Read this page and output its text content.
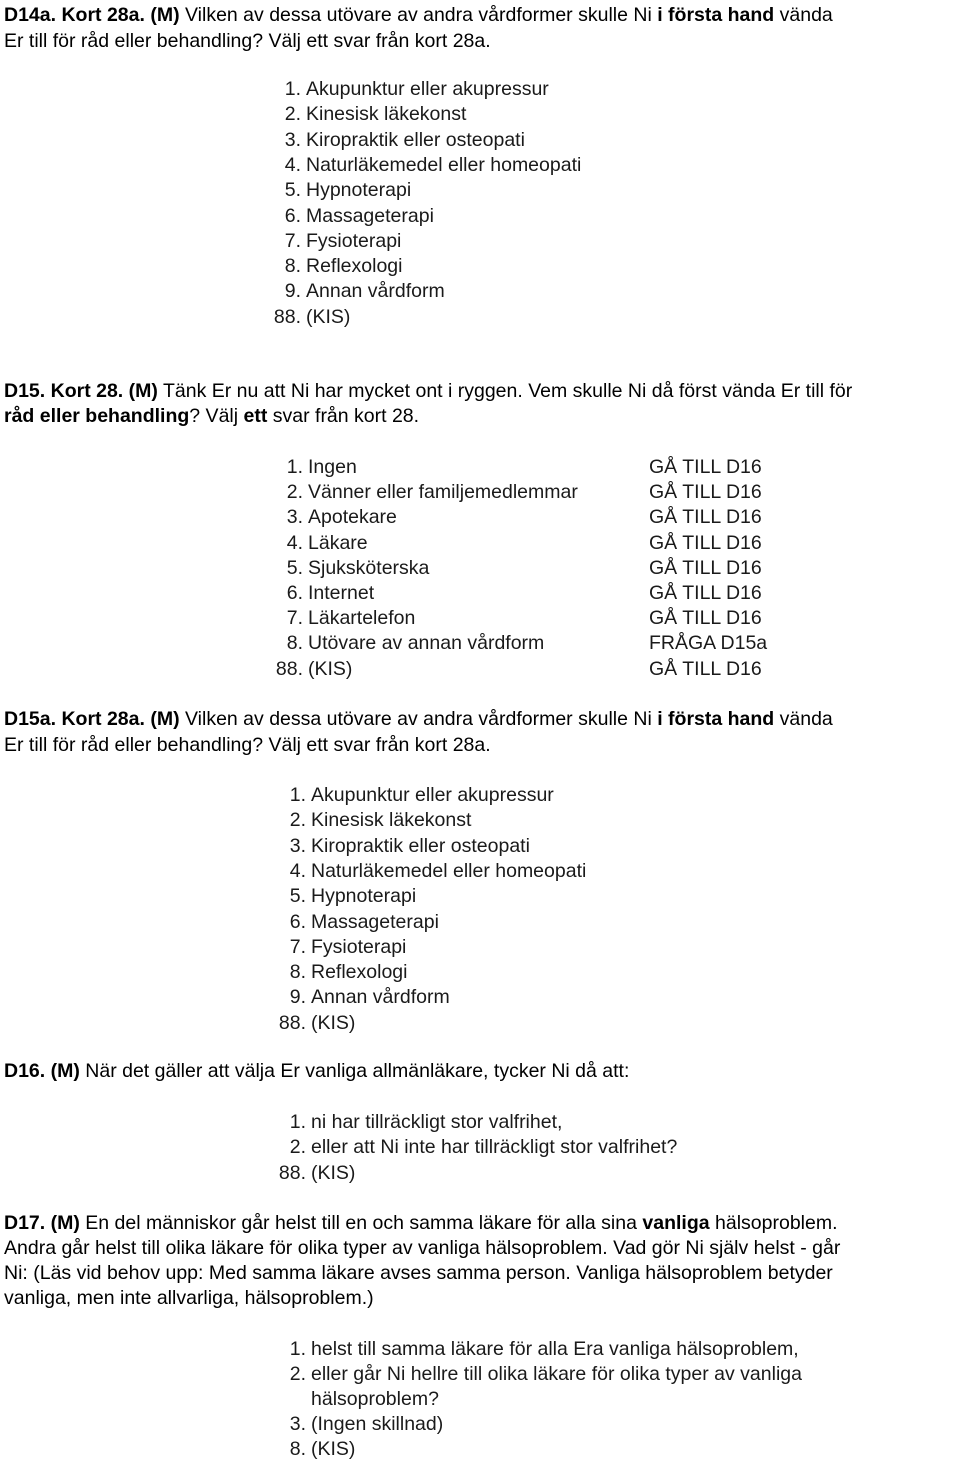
D14a. Kort 28a. (M) Vilken av dessa utövare av andra vårdformer skulle Ni i första hand vända
Er till för råd eller behandling? Välj ett svar från kort 28a.
1. Akupunktur eller akupressur
2. Kinesisk läkekonst
3. Kiropraktik eller osteopati
4. Naturläkemedel eller homeopati
5. Hypnoterapi
6. Massageterapi
7. Fysioterapi
8. Reflexologi
9. Annan vårdform
88. (KIS)
D15. Kort 28. (M) Tänk Er nu att Ni har mycket ont i ryggen. Vem skulle Ni då först vända Er till för
råd eller behandling? Välj ett svar från kort 28.
1. Ingen	GÅ TILL D16
2. Vänner eller familjemedlemmar	GÅ TILL D16
3. Apotekare	GÅ TILL D16
4. Läkare	GÅ TILL D16
5. Sjuksköterska	GÅ TILL D16
6. Internet	GÅ TILL D16
7. Läkartelefon	GÅ TILL D16
8. Utövare av annan vårdform	FRÅGA D15a
88. (KIS)	GÅ TILL D16
D15a. Kort 28a. (M) Vilken av dessa utövare av andra vårdformer skulle Ni i första hand vända
Er till för råd eller behandling? Välj ett svar från kort 28a.
1. Akupunktur eller akupressur
2. Kinesisk läkekonst
3. Kiropraktik eller osteopati
4. Naturläkemedel eller homeopati
5. Hypnoterapi
6. Massageterapi
7. Fysioterapi
8. Reflexologi
9. Annan vårdform
88. (KIS)
D16. (M) När det gäller att välja Er vanliga allmänläkare, tycker Ni då att:
1. ni har tillräckligt stor valfrihet,
2. eller att Ni inte har tillräckligt stor valfrihet?
88. (KIS)
D17. (M) En del människor går helst till en och samma läkare för alla sina vanliga hälsoproblem.
Andra går helst till olika läkare för olika typer av vanliga hälsoproblem. Vad gör Ni själv helst - går
Ni: (Läs vid behov upp: Med samma läkare avses samma person. Vanliga hälsoproblem betyder
vanliga, men inte allvarliga, hälsoproblem.)
1. helst till samma läkare för alla Era vanliga hälsoproblem,
2. eller går Ni hellre till olika läkare för olika typer av vanliga
hälsoproblem?
3. (Ingen skillnad)
8. (KIS)
